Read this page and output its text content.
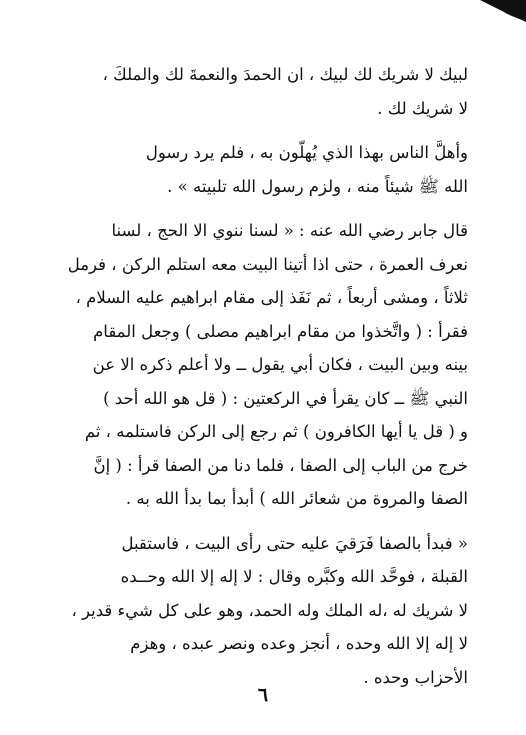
لبيك لا شريك لك لبيك ، ان الحمدَ والنعمةَ لك والملكَ ،
لا شريك لك .

وأهلَّ الناس بهذا الذي يُهلّون به ، فلم يرد رسول
الله ﷺ شيئاً منه ، ولزم رسول الله تلبيته » .

قال جابر رضي الله عنه : « لسنا ننوي الا الحج ، لسنا
نعرف العمرة ، حتى اذا أتينا البيت معه استلم الركن ، فرمل
ثلاثاً ، ومشى أربعاً ، ثم نَفَذ إلى مقام ابراهيم عليه السلام ،
فقرأ : ( واتَّخذوا من مقام ابراهيم مصلى ) وجعل المقام
بينه وبين البيت ، فكان أبي يقول ــ ولا أعلم ذكره الا عن
النبي ﷺ ــ كان يقرأ في الركعتين : ( قل هو الله أحد )
و ( قل يا أيها الكافرون ) ثم رجع إلى الركن فاستلمه ، ثم
خرج من الباب إلى الصفا ، فلما دنا من الصفا قرأ : ( إنَّ
الصفا والمروة من شعائر الله ) أبدأ بما بدأ الله به .

« فبدأ بالصفا فَرَقيَ عليه حتى رأى البيت ، فاستقبل
القبلة ، فوحَّد الله وكبَّره وقال : لا إله إلا الله وحــده
لا شريك له ،له الملك وله الحمد، وهو على كل شيء قدير ،
لا إله إلا الله وحده ، أنجز وعده ونصر عبده ، وهزم
الأحزاب وحده .

٦
